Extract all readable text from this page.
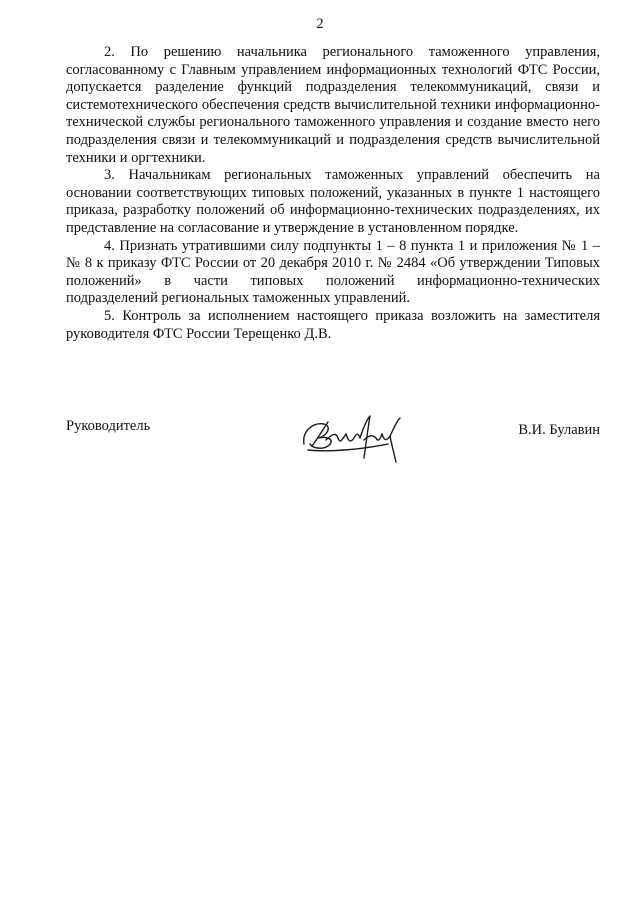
2

2. По решению начальника регионального таможенного управления, согласованному с Главным управлением информационных технологий ФТС России, допускается разделение функций подразделения телекоммуникаций, связи и системотехнического обеспечения средств вычислительной техники информационно-технической службы регионального таможенного управления и создание вместо него подразделения связи и телекоммуникаций и подразделения средств вычислительной техники и оргтехники.

3. Начальникам региональных таможенных управлений обеспечить на основании соответствующих типовых положений, указанных в пункте 1 настоящего приказа, разработку положений об информационно-технических подразделениях, их представление на согласование и утверждение в установленном порядке.

4. Признать утратившими силу подпункты 1 – 8 пункта 1 и приложения № 1 – № 8 к приказу ФТС России от 20 декабря 2010 г. № 2484 «Об утверждении Типовых положений» в части типовых положений информационно-технических подразделений региональных таможенных управлений.

5. Контроль за исполнением настоящего приказа возложить на заместителя руководителя ФТС России Терещенко Д.В.

Руководитель	В.И. Булавин
